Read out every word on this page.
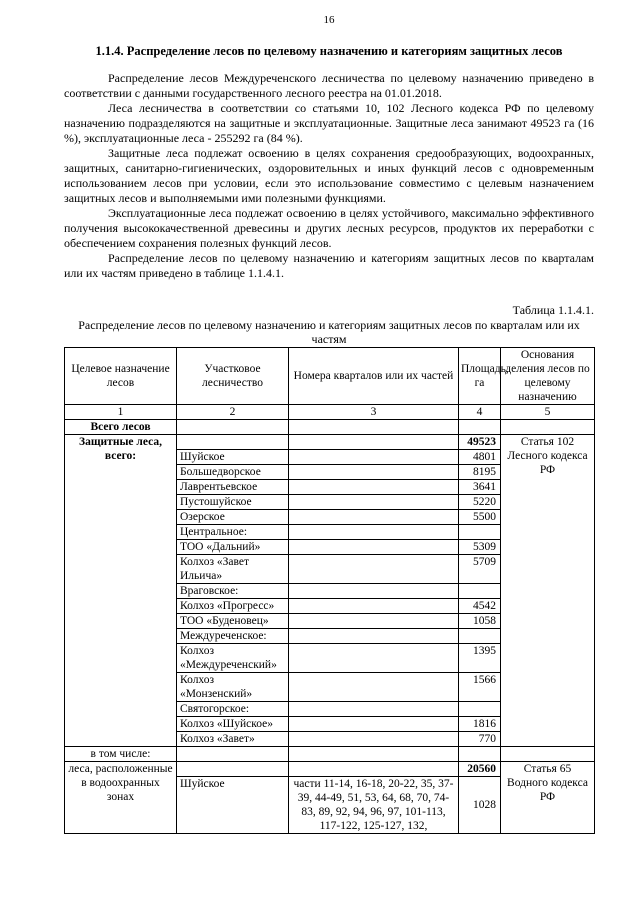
16
1.1.4. Распределение лесов по целевому назначению и категориям защитных лесов

Распределение лесов Междуреченского лесничества по целевому назначению приведено в соответствии с данными государственного лесного реестра на 01.01.2018.

Леса лесничества в соответствии со статьями 10, 102 Лесного кодекса РФ по целевому назначению подразделяются на защитные и эксплуатационные. Защитные леса занимают 49523 га (16 %), эксплуатационные леса - 255292 га (84 %).

Защитные леса подлежат освоению в целях сохранения средообразующих, водоохранных, защитных, санитарно-гигиенических, оздоровительных и иных функций лесов с одновременным использованием лесов при условии, если это использование совместимо с целевым назначением защитных лесов и выполняемыми ими полезными функциями.

Эксплуатационные леса подлежат освоению в целях устойчивого, максимально эффективного получения высококачественной древесины и других лесных ресурсов, продуктов их переработки с обеспечением сохранения полезных функций лесов.

Распределение лесов по целевому назначению и категориям защитных лесов по кварталам или их частям приведено в таблице 1.1.4.1.

Таблица 1.1.4.1.
Распределение лесов по целевому назначению и категориям защитных лесов по кварталам или их частям
Целевое назначение лесов	Участковое лесничество	Номера кварталов или их частей	Площадь, га	Основания деления лесов по целевому назначению
1	2	3	4	5
Всего лесов				
Защитные леса, всего:			49523	Статья 102 Лесного кодекса РФ
	Шуйское		4801	
	Большедворское		8195	
	Лаврентьевское		3641	
	Пустошуйское		5220	
	Озерское		5500	
	Центральное:			
	ТОО «Дальний»		5309	
	Колхоз «Завет Ильича»		5709	
	Враговское:			
	Колхоз «Прогресс»		4542	
	ТОО «Буденовец»		1058	
	Междуреченское:			
	Колхоз «Междуреченский»		1395	
	Колхоз «Монзенский»		1566	
	Святогорское:			
	Колхоз «Шуйское»		1816	
	Колхоз «Завет»		770	
в том числе:				
леса, расположенные в водоохранных зонах			20560	Статья 65 Водного кодекса РФ
	Шуйское	части 11-14, 16-18, 20-22, 35, 37-39, 44-49, 51, 53, 64, 68, 70, 74-83, 89, 92, 94, 96, 97, 101-113, 117-122, 125-127, 132,	1028	
